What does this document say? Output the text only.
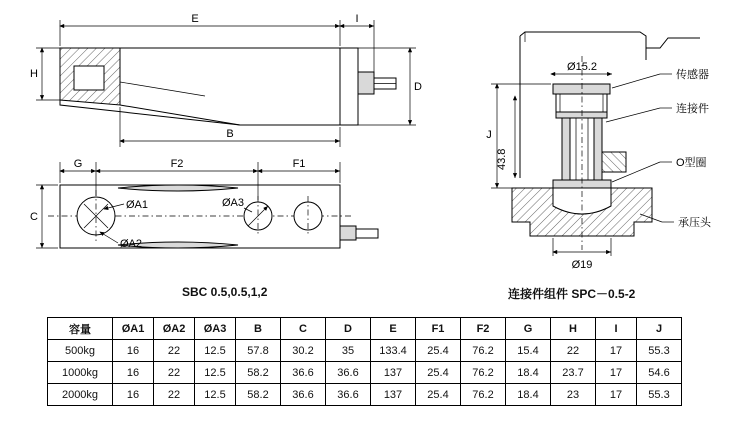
E	I
H
D
B
ØA1
ØA2
ØA3
C
G	F2	F1
Ø15.2
J
43.8
Ø19
传感器
连接件
O型圈
承压头
SBC 0.5,0.5,1,2	连接件组件 SPC－0.5-2
容量	ØA1	ØA2	ØA3	B	C	D	E	F1	F2	G	H	I	J
500kg	16	22	12.5	57.8	30.2	35	133.4	25.4	76.2	15.4	22	17	55.3
1000kg	16	22	12.5	58.2	36.6	36.6	137	25.4	76.2	18.4	23.7	17	54.6
2000kg	16	22	12.5	58.2	36.6	36.6	137	25.4	76.2	18.4	23	17	55.3
